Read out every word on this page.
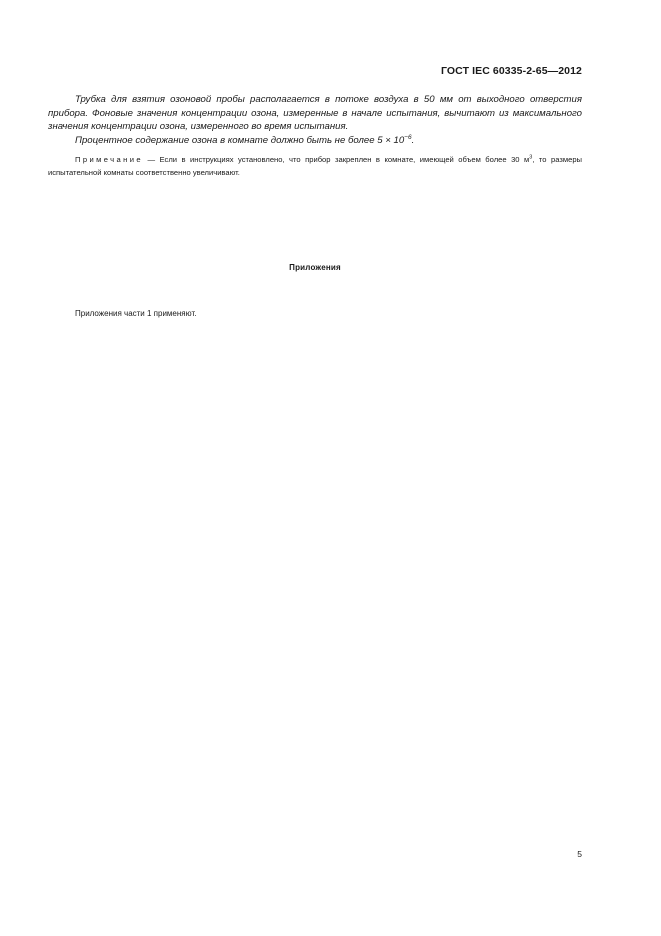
ГОСТ IEC 60335-2-65—2012

Трубка для взятия озоновой пробы располагается в потоке воздуха в 50 мм от выходного отверстия прибора. Фоновые значения концентрации озона, измеренные в начале испытания, вычитают из максимального значения концентрации озона, измеренного во время испытания.

Процентное содержание озона в комнате должно быть не более $5 \times 10^{-6}$.

Примечание — Если в инструкциях установлено, что прибор закреплен в комнате, имеющей объем более 30 $м^3$, то размеры испытательной комнаты соответственно увеличивают.
Приложения
Приложения части 1 применяют.
5
